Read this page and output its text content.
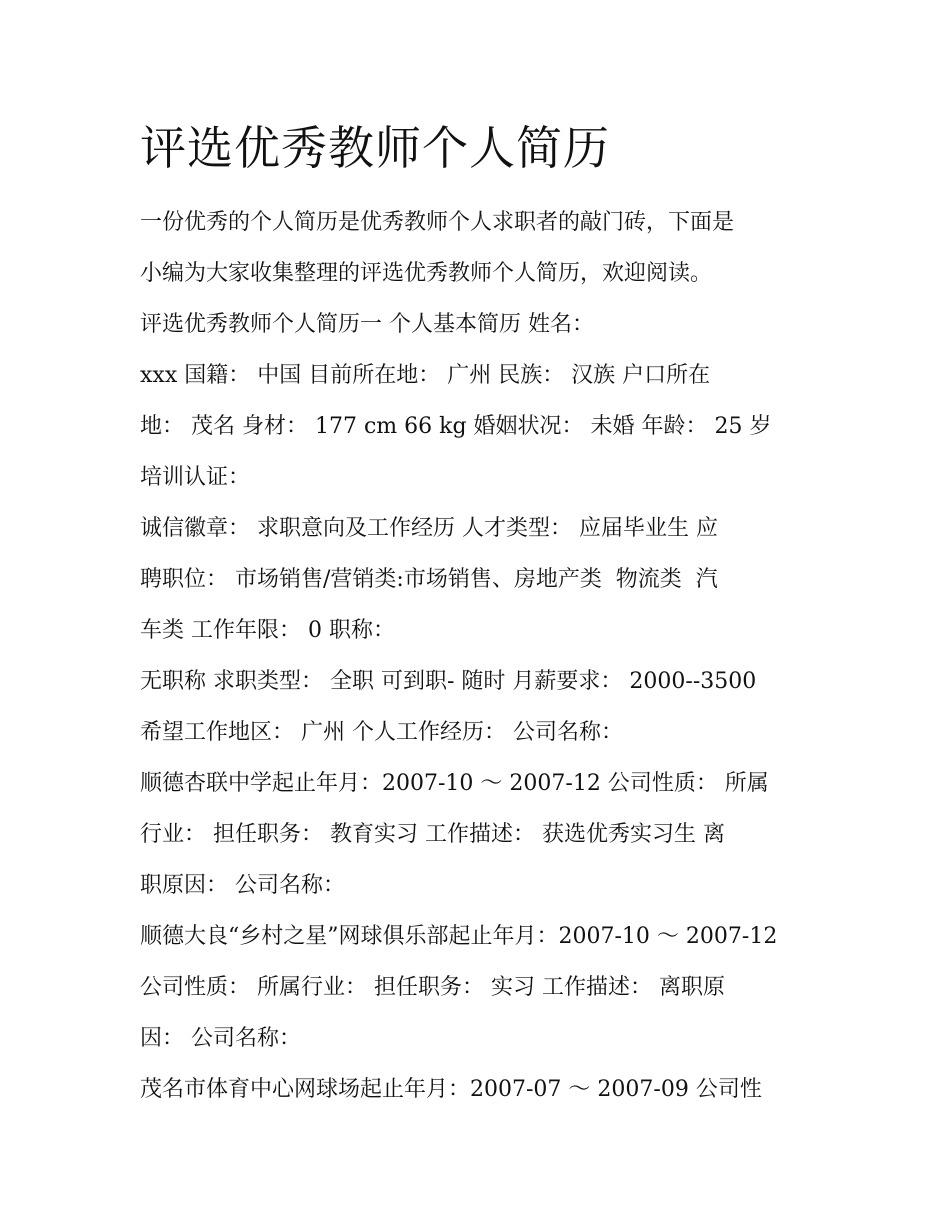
评选优秀教师个人简历

一份优秀的个人简历是优秀教师个人求职者的敲门砖，下面是

小编为大家收集整理的评选优秀教师个人简历，欢迎阅读。

评选优秀教师个人简历一 个人基本简历 姓名：

xxx 国籍： 中国 目前所在地： 广州 民族： 汉族 户口所在

地： 茂名 身材： 177 cm 66 kg 婚姻状况： 未婚 年龄： 25 岁

培训认证：

诚信徽章： 求职意向及工作经历 人才类型： 应届毕业生 应

聘职位： 市场销售/营销类:市场销售、房地产类  物流类  汽

车类 工作年限： 0 职称：

无职称 求职类型： 全职 可到职- 随时 月薪要求： 2000--3500

希望工作地区： 广州 个人工作经历： 公司名称：

顺德杏联中学起止年月：2007-10 ～ 2007-12 公司性质： 所属

行业： 担任职务： 教育实习 工作描述： 获选优秀实习生 离

职原因： 公司名称：

顺德大良“乡村之星”网球俱乐部起止年月：2007-10 ～ 2007-12

公司性质： 所属行业： 担任职务： 实习 工作描述： 离职原

因： 公司名称：

茂名市体育中心网球场起止年月：2007-07 ～ 2007-09 公司性
